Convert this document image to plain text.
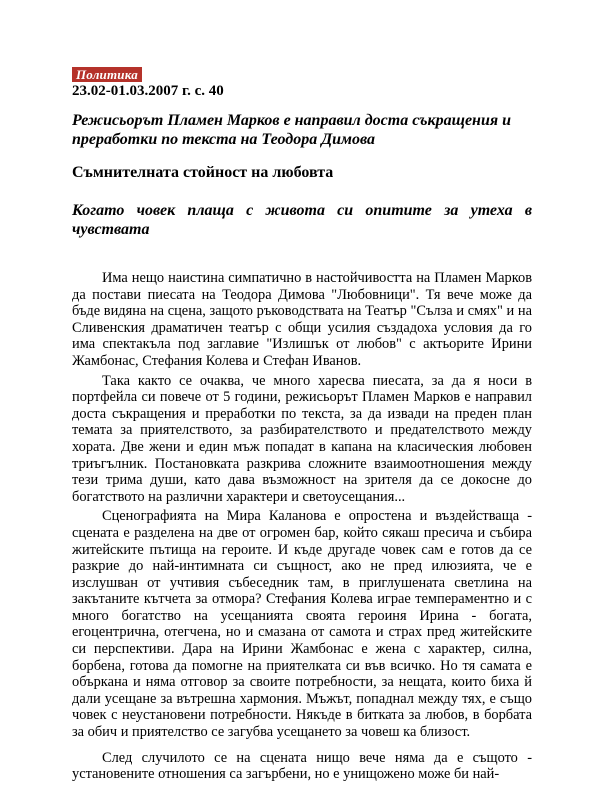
Политика
23.02-01.03.2007 г. с. 40
Режисьорът Пламен Марков е направил доста съкращения и преработки по текста на Теодора Димова
Съмнителната стойност на любовта
Когато човек плаща с живота си опитите за утеха в чувствата

Има нещо наистина симпатично в настойчивостта на Пламен Марков да постави пиесата на Теодора Димова "Любовници". Тя вече може да бъде видяна на сцена, защото ръководствата на Театър "Сълза и смях" и на Сливенския драматичен театър с общи усилия създадоха условия да го има спектакъла под заглавие "Излишък от любов" с актьорите Ирини Жамбонас, Стефания Колева и Стефан Иванов.

Така както се очаква, че много харесва пиесата, за да я носи в портфейла си повече от 5 години, режисьорът Пламен Марков е направил доста съкращения и преработки по текста, за да извади на преден план темата за приятелството, за разбирателството и предателството между хората. Две жени и един мъж попадат в капана на класическия любовен триъгълник. Постановката разкрива сложните взаимоотношения между тези трима души, като дава възможност на зрителя да се докосне до богатството на различни характери и светоусещания...

Сценографията на Мира Каланова е опростена и въздействаща - сцената е разделена на две от огромен бар, който сякаш пресича и събира житейските пътища на героите. И къде другаде човек сам е готов да се разкрие до най-интимната си същност, ако не пред илюзията, че е изслушван от учтивия събеседник там, в приглушената светлина на закътаните кътчета за отмора? Стефания Колева играе темпераментно и с много богатство на усещанията своята героиня Ирина - богата, егоцентрична, отегчена, но и смазана от самота и страх пред житейските си перспективи. Дара на Ирини Жамбонас е жена с характер, силна, борбена, готова да помогне на приятелката си във всичко. Но тя самата е объркана и няма отговор за своите потребности, за нещата, които биха й дали усещане за вътрешна хармония. Мъжът, попаднал между тях, е също човек с неустановени потребности. Някъде в битката за любов, в борбата за обич и приятелство се загубва усещането за човеш ка близост.

След случилото се на сцената нищо вече няма да е същото - установените отношения са загърбени, но е унищожено може би най-
